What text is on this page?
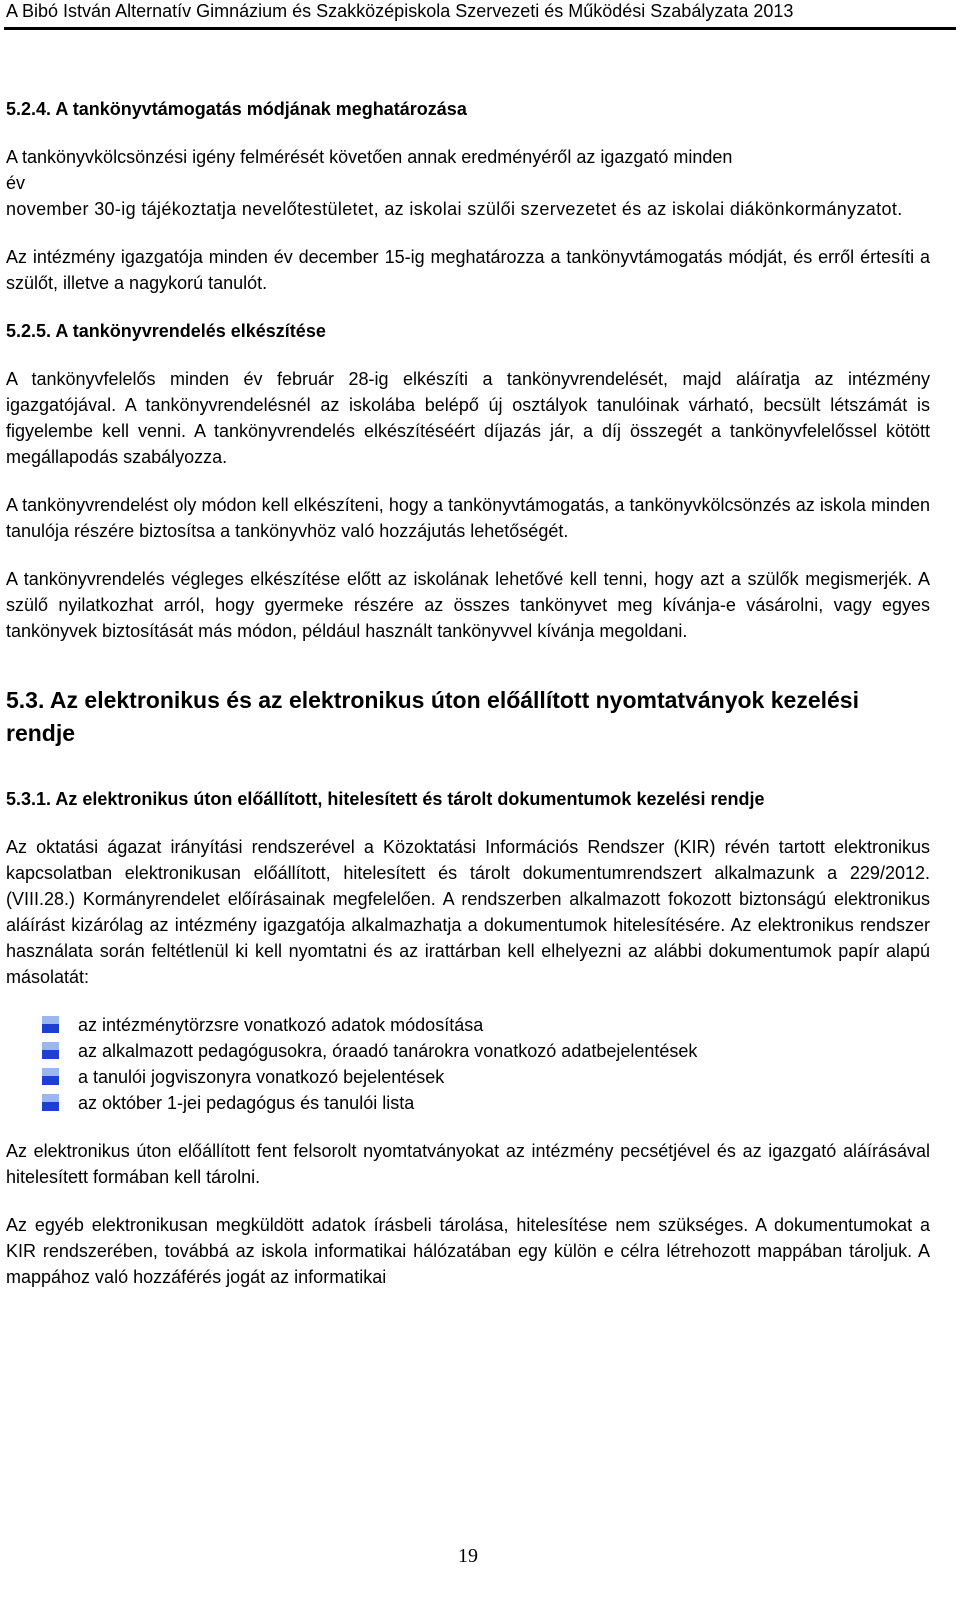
A Bibó István Alternatív Gimnázium és Szakközépiskola Szervezeti és Működési Szabályzata 2013
5.2.4. A tankönyvtámogatás módjának meghatározása

A tankönyvkölcsönzési igény felmérését követően annak eredményéről az igazgató minden

év

november 30-ig tájékoztatja nevelőtestületet, az iskolai szülői szervezetet és az iskolai diákönkormányzatot.

Az intézmény igazgatója minden év december 15-ig meghatározza a tankönyvtámogatás módját, és erről értesíti a szülőt, illetve a nagykorú tanulót.

5.2.5. A tankönyvrendelés elkészítése

A tankönyvfelelős minden év február 28-ig elkészíti a tankönyvrendelését, majd aláíratja az intézmény igazgatójával. A tankönyvrendelésnél az iskolába belépő új osztályok tanulóinak várható, becsült létszámát is figyelembe kell venni. A tankönyvrendelés elkészítéséért díjazás jár, a díj összegét a tankönyvfelelőssel kötött megállapodás szabályozza.

A tankönyvrendelést oly módon kell elkészíteni, hogy a tankönyvtámogatás, a tankönyvkölcsönzés az iskola minden tanulója részére biztosítsa a tankönyvhöz való hozzájutás lehetőségét.

A tankönyvrendelés végleges elkészítése előtt az iskolának lehetővé kell tenni, hogy azt a szülők megismerjék. A szülő nyilatkozhat arról, hogy gyermeke részére az összes tankönyvet meg kívánja-e vásárolni, vagy egyes tankönyvek biztosítását más módon, például használt tankönyvvel kívánja megoldani.

5.3. Az elektronikus és az elektronikus úton előállított nyomtatványok kezelési rendje
5.3.1. Az elektronikus úton előállított, hitelesített és tárolt dokumentumok kezelési rendje

Az oktatási ágazat irányítási rendszerével a Közoktatási Információs Rendszer (KIR) révén tartott elektronikus kapcsolatban elektronikusan előállított, hitelesített és tárolt dokumentumrendszert alkalmazunk a 229/2012. (VIII.28.) Kormányrendelet előírásainak megfelelően. A rendszerben alkalmazott fokozott biztonságú elektronikus aláírást kizárólag az intézmény igazgatója alkalmazhatja a dokumentumok hitelesítésére. Az elektronikus rendszer használata során feltétlenül ki kell nyomtatni és az irattárban kell elhelyezni az alábbi dokumentumok papír alapú másolatát:

az intézménytörzsre vonatkozó adatok módosítása
az alkalmazott pedagógusokra, óraadó tanárokra vonatkozó adatbejelentések
a tanulói jogviszonyra vonatkozó bejelentések
az október 1-jei pedagógus és tanulói lista

Az elektronikus úton előállított fent felsorolt nyomtatványokat az intézmény pecsétjével és az igazgató aláírásával hitelesített formában kell tárolni.

Az egyéb elektronikusan megküldött adatok írásbeli tárolása, hitelesítése nem szükséges. A dokumentumokat a KIR rendszerében, továbbá az iskola informatikai hálózatában egy külön e célra létrehozott mappában tároljuk. A mappához való hozzáférés jogát az informatikai

19
